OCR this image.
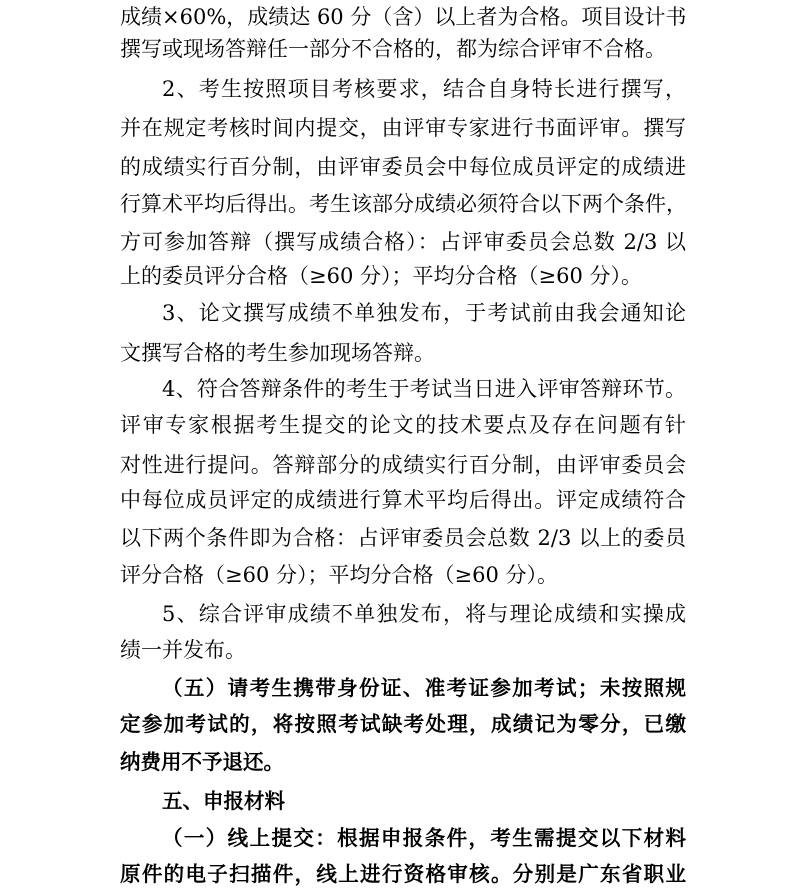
成绩×60%，成绩达 60 分（含）以上者为合格。项目设计书
撰写或现场答辩任一部分不合格的，都为综合评审不合格。
2、考生按照项目考核要求，结合自身特长进行撰写，
并在规定考核时间内提交，由评审专家进行书面评审。撰写
的成绩实行百分制，由评审委员会中每位成员评定的成绩进
行算术平均后得出。考生该部分成绩必须符合以下两个条件，
方可参加答辩（撰写成绩合格）：占评审委员会总数 2/3 以
上的委员评分合格（≥60 分）；平均分合格（≥60 分）。
3、论文撰写成绩不单独发布，于考试前由我会通知论
文撰写合格的考生参加现场答辩。
4、符合答辩条件的考生于考试当日进入评审答辩环节。
评审专家根据考生提交的论文的技术要点及存在问题有针
对性进行提问。答辩部分的成绩实行百分制，由评审委员会
中每位成员评定的成绩进行算术平均后得出。评定成绩符合
以下两个条件即为合格：占评审委员会总数 2/3 以上的委员
评分合格（≥60 分）；平均分合格（≥60 分）。
5、综合评审成绩不单独发布，将与理论成绩和实操成
绩一并发布。
（五）请考生携带身份证、准考证参加考试；未按照规
定参加考试的，将按照考试缺考处理，成绩记为零分，已缴
纳费用不予退还。
五、申报材料
（一）线上提交：根据申报条件，考生需提交以下材料
原件的电子扫描件，线上进行资格审核。分别是广东省职业
